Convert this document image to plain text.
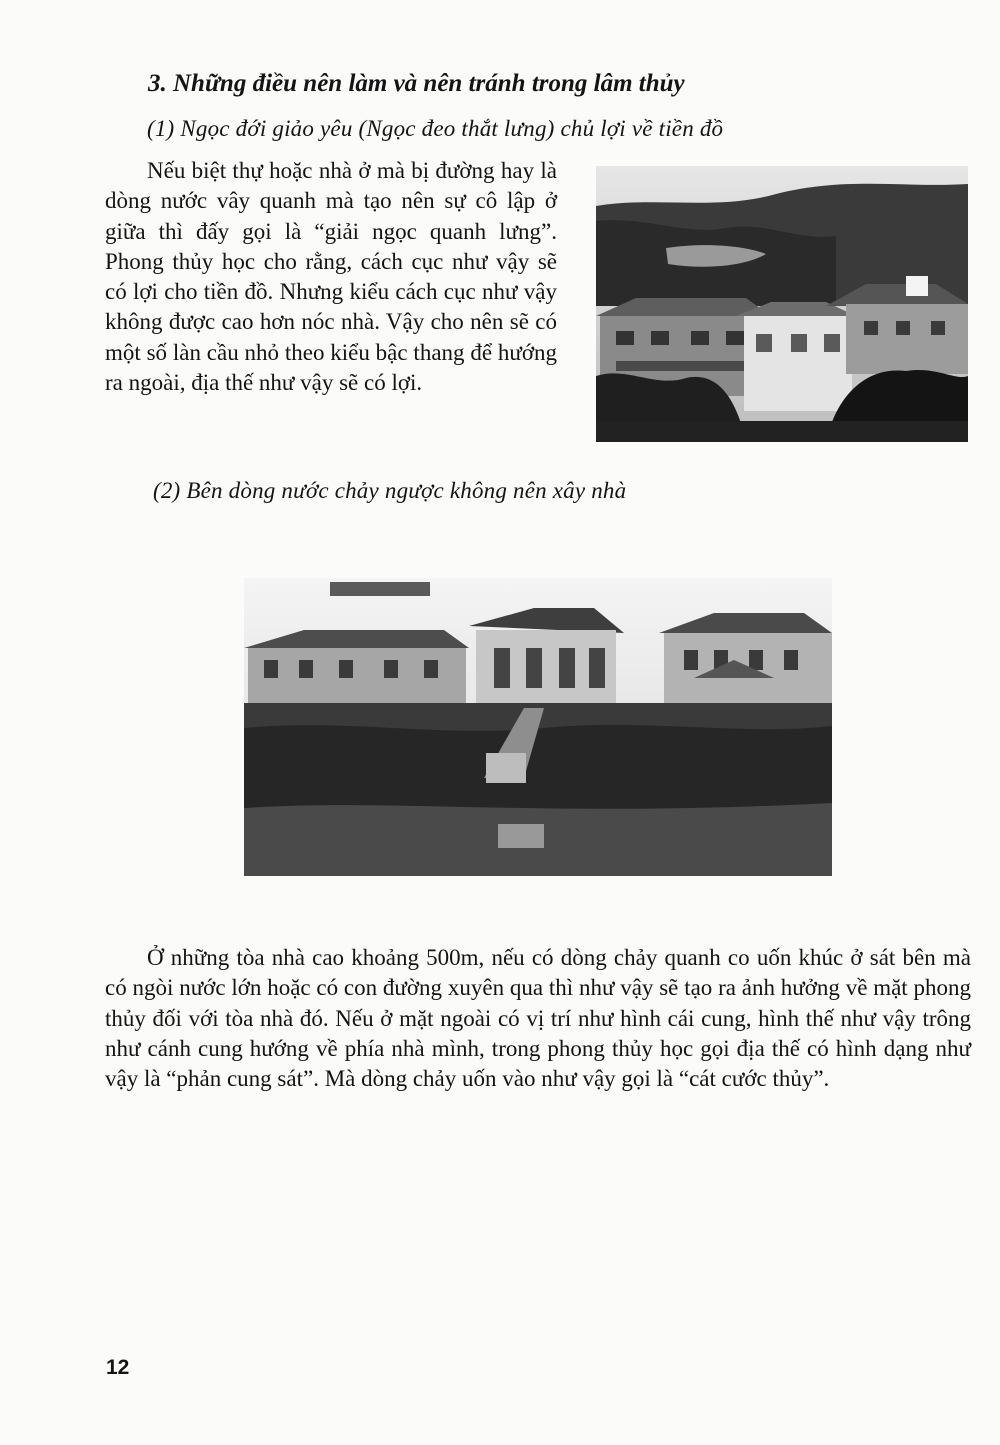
3. Những điều nên làm và nên tránh trong lâm thủy
(1) Ngọc đới giảo yêu (Ngọc đeo thắt lưng) chủ lợi về tiền đồ

Nếu biệt thự hoặc nhà ở mà bị đường hay là dòng nước vây quanh mà tạo nên sự cô lập ở giữa thì đấy gọi là “giải ngọc quanh lưng”. Phong thủy học cho rằng, cách cục như vậy sẽ có lợi cho tiền đồ. Nhưng kiểu cách cục như vậy không được cao hơn nóc nhà. Vậy cho nên sẽ có một số làn cầu nhỏ theo kiểu bậc thang để hướng ra ngoài, địa thế như vậy sẽ có lợi.

(2) Bên dòng nước chảy ngược không nên xây nhà

Ở những tòa nhà cao khoảng 500m, nếu có dòng chảy quanh co uốn khúc ở sát bên mà có ngòi nước lớn hoặc có con đường xuyên qua thì như vậy sẽ tạo ra ảnh hưởng về mặt phong thủy đối với tòa nhà đó. Nếu ở mặt ngoài có vị trí như hình cái cung, hình thế như vậy trông như cánh cung hướng về phía nhà mình, trong phong thủy học gọi địa thế có hình dạng như vậy là “phản cung sát”. Mà dòng chảy uốn vào như vậy gọi là “cát cước thủy”.

12
